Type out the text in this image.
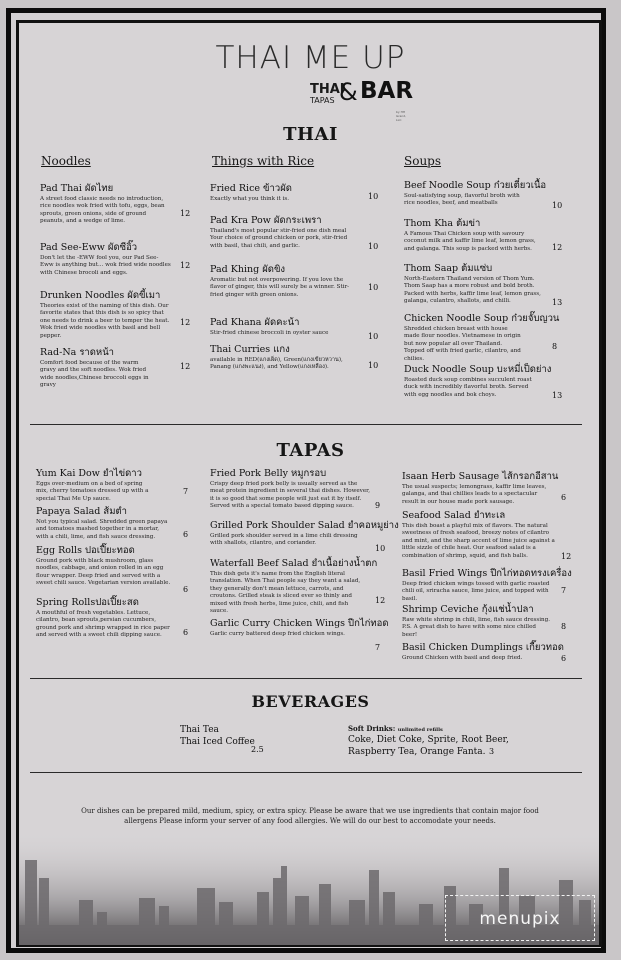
THAI ME UP
THAI
TAPAS & BAR
by HH Grand, LLC
THAI
Noodles	Things with Rice	Soups
Pad Thai ผัดไทย
A street food classic needs no introduction, rice noodles wok fried with tofu, eggs, bean sprouts, green onions, side of ground peanuts, and a wedge of lime.
12
Pad See-Eww ผัดซีอิ๊ว
Don't let the -EWW fool you, our Pad See-Eww is anything but... wok fried wide noodles with Chinese brocoli and eggs.
12
Drunken Noodles ผัดขี้เมา
Theories exist of the naming of this dish. Our favorite states that this dish is so spicy that one needs to drink a beer to temper the heat. Wok fried wide noodles with basil and bell pepper.
12
Rad-Na ราดหน้า
Comfort food because of the warm gravy and the soft noodles. Wok fried wide noodles,Chinese broccoli eggs in gravy
12
Fried Rice ข้าวผัด
Exactly what you think it is.	10
Pad Kra Pow ผัดกระเพรา
Thailand's most popular stir-fried one dish meal Your choice of ground chicken or pork, stir-fried with basil, thai chili, and garlic.	10
Pad Khing ผัดขิง
Aromatic but not overpowering. If you love the flavor of ginger, this will surely be a winner. Stir-fried ginger with green onions.
10
Pad Khana ผัดคะน้า
Stir-fried chinese broccoli in oyster sauce	10
Thai Curries แกง
available in RED(แกงเผ็ด), Green(แกงเขียวหวาน), Panang (แกงพะแนง), and Yellow(แกงเหลือง).	10
Beef Noodle Soup ก๋วยเตี๋ยวเนื้อ
Soul-satisfying soup, flavorful broth with rice noodles, beef, and meatballs	10
Thom Kha ต้มข่า
A Famous Thai Chicken soup with savoury coconut milk and kaffir lime leaf, lemon grass, and galanga. This soup is packed with herbs.	12
Thom Saap ต้มแซ่บ
North-Eastern Thailand version of Thom Yum. Thom Saap has a more robust and bold broth. Packed with herbs, kaffir lime leaf, lemon grass, galanga, culantro, shallots, and chilli.	13
Chicken Noodle Soup ก๋วยจั๊บญวน
Shredded chicken breast with house made flour noodles. Vietnamese in origin but now popular all over Thailand. Topped off with fried garlic, cilantro, and chilies.
8
Duck Noodle Soup บะหมี่เป็ดย่าง
Roasted duck soup combines succulent roast duck with incredibly flavorful broth. Served with egg noodles and bok choys.	13
TAPAS
Yum Kai Dow ยำไข่ดาว
Eggs over-medium on a bed of spring mix, cherry tomatoes dressed up with a special Thai Me Up sauce.
7
Papaya Salad ส้มตำ
Not you typical salad. Shredded green papaya and tomatoes mashed together in a mortar, with a chili, lime, and fish sauce dressing.	6
Egg Rolls ปอเปี๊ยะทอด
Ground pork with black mushroom, glass noodles, cabbage, and onion rolled in an egg flour wrapper. Deep fried and served with a sweet chili sauce. Vegetarian version available.
6
Spring Rollsปอเปี๊ยะสด
A mouthful of fresh vegetables. Lettuce, cilantro, bean sprouts,persian cucumbers, ground pork and shrimp wrapped in rice paper and served with a sweet chili dipping sauce.	6
Fried Pork Belly หมูกรอบ
Crispy deep fried pork belly is usually served as the meat protein ingredient in several thai dishes. However, it is so good that some people will just eat it by itself. Served with a special tomato based dipping sauce.	9
Grilled Pork Shoulder Salad ยำคอหมูย่าง
Grilled pork shoulder served in a lime chili dressing with shallots, cilantro, and coriander.
10
Waterfall Beef Salad ยำเนื้อย่างน้ำตก
This dish gets it's name from the English literal translation. When Thai people say they want a salad, they generally don't mean lettuce, carrots, and croutons. Grilled steak is sliced ever so thinly and mixed with fresh herbs, lime juice, chili, and fish sauce.
12
Garlic Curry Chicken Wings ปีกไก่ทอด
Garlic curry battered deep fried chicken wings.
7
Isaan Herb Sausage ไส้กรอกอีสาน
The usual suspects; lemongrass, kaffir lime leaves, galanga, and thai chillies leads to a spectacular result in our house made pork sausage.	6
Seafood Salad ยำทะเล
This dish boast a playful mix of flavors. The natural sweetness of fresh seafood, breezy notes of cilantro and mint, and the sharp accent of lime juice against a little sizzle of chile heat. Our seafood salad is a combination of shrimp, squid, and fish balls.	12
Basil Fried Wings ปีกไก่ทอดทรงเครื่อง
Deep fried chicken wings tossed with garlic roasted chili oil, sriracha sauce, lime juice, and topped with basil.
7
Shrimp Ceviche กุ้งแช่น้ำปลา
Raw white shrimp in chili, lime, fish sauce dressing. P.S. A great dish to have with some nice chilled beer!
8
Basil Chicken Dumplings เกี๊ยวทอด
Ground Chicken with basil and deep fried.	6
BEVERAGES
Thai Tea
Thai Iced Coffee
2.5
Soft Drinks: unlimited refills
Coke, Diet Coke, Sprite, Root Beer,
Raspberry Tea, Orange Fanta. 3
Our dishes can be prepared mild, medium, spicy, or extra spicy. Please be aware that we use ingredients that contain major food
allergens Please inform your server of any food allergies. We will do our best to accomodate your needs.
menupix
